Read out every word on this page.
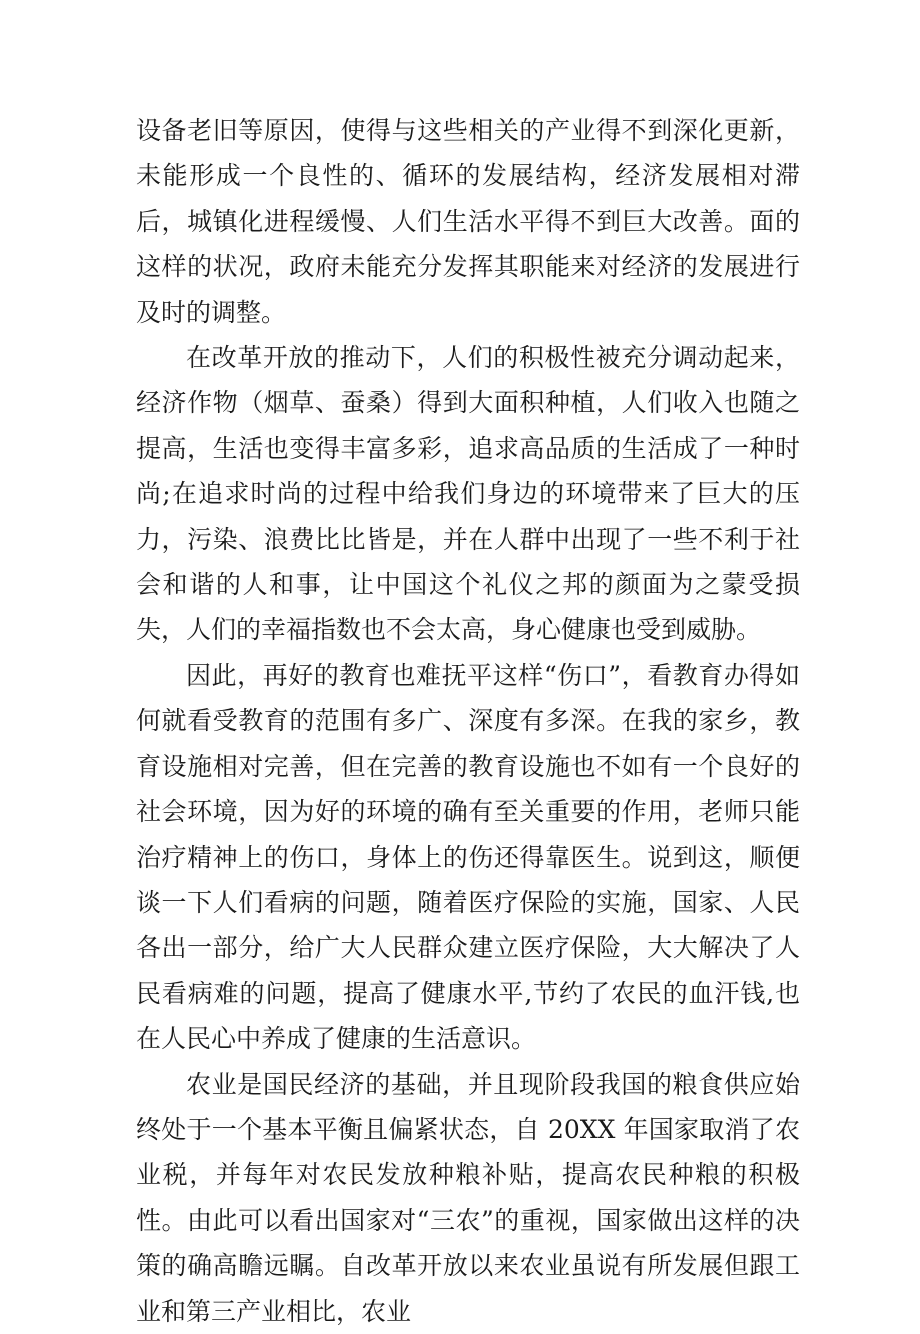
设备老旧等原因，使得与这些相关的产业得不到深化更新，未能形成一个良性的、循环的发展结构，经济发展相对滞后，城镇化进程缓慢、人们生活水平得不到巨大改善。面的这样的状况，政府未能充分发挥其职能来对经济的发展进行及时的调整。

在改革开放的推动下，人们的积极性被充分调动起来，经济作物（烟草、蚕桑）得到大面积种植，人们收入也随之提高，生活也变得丰富多彩，追求高品质的生活成了一种时尚;在追求时尚的过程中给我们身边的环境带来了巨大的压力，污染、浪费比比皆是，并在人群中出现了一些不利于社会和谐的人和事，让中国这个礼仪之邦的颜面为之蒙受损失，人们的幸福指数也不会太高，身心健康也受到威胁。

因此，再好的教育也难抚平这样“伤口”，看教育办得如何就看受教育的范围有多广、深度有多深。在我的家乡，教育设施相对完善，但在完善的教育设施也不如有一个良好的社会环境，因为好的环境的确有至关重要的作用，老师只能治疗精神上的伤口，身体上的伤还得靠医生。说到这，顺便谈一下人们看病的问题，随着医疗保险的实施，国家、人民各出一部分，给广大人民群众建立医疗保险，大大解决了人民看病难的问题，提高了健康水平,节约了农民的血汗钱,也在人民心中养成了健康的生活意识。

农业是国民经济的基础，并且现阶段我国的粮食供应始终处于一个基本平衡且偏紧状态，自 20XX 年国家取消了农业税，并每年对农民发放种粮补贴，提高农民种粮的积极性。由此可以看出国家对“三农”的重视，国家做出这样的决策的确高瞻远瞩。自改革开放以来农业虽说有所发展但跟工业和第三产业相比，农业
